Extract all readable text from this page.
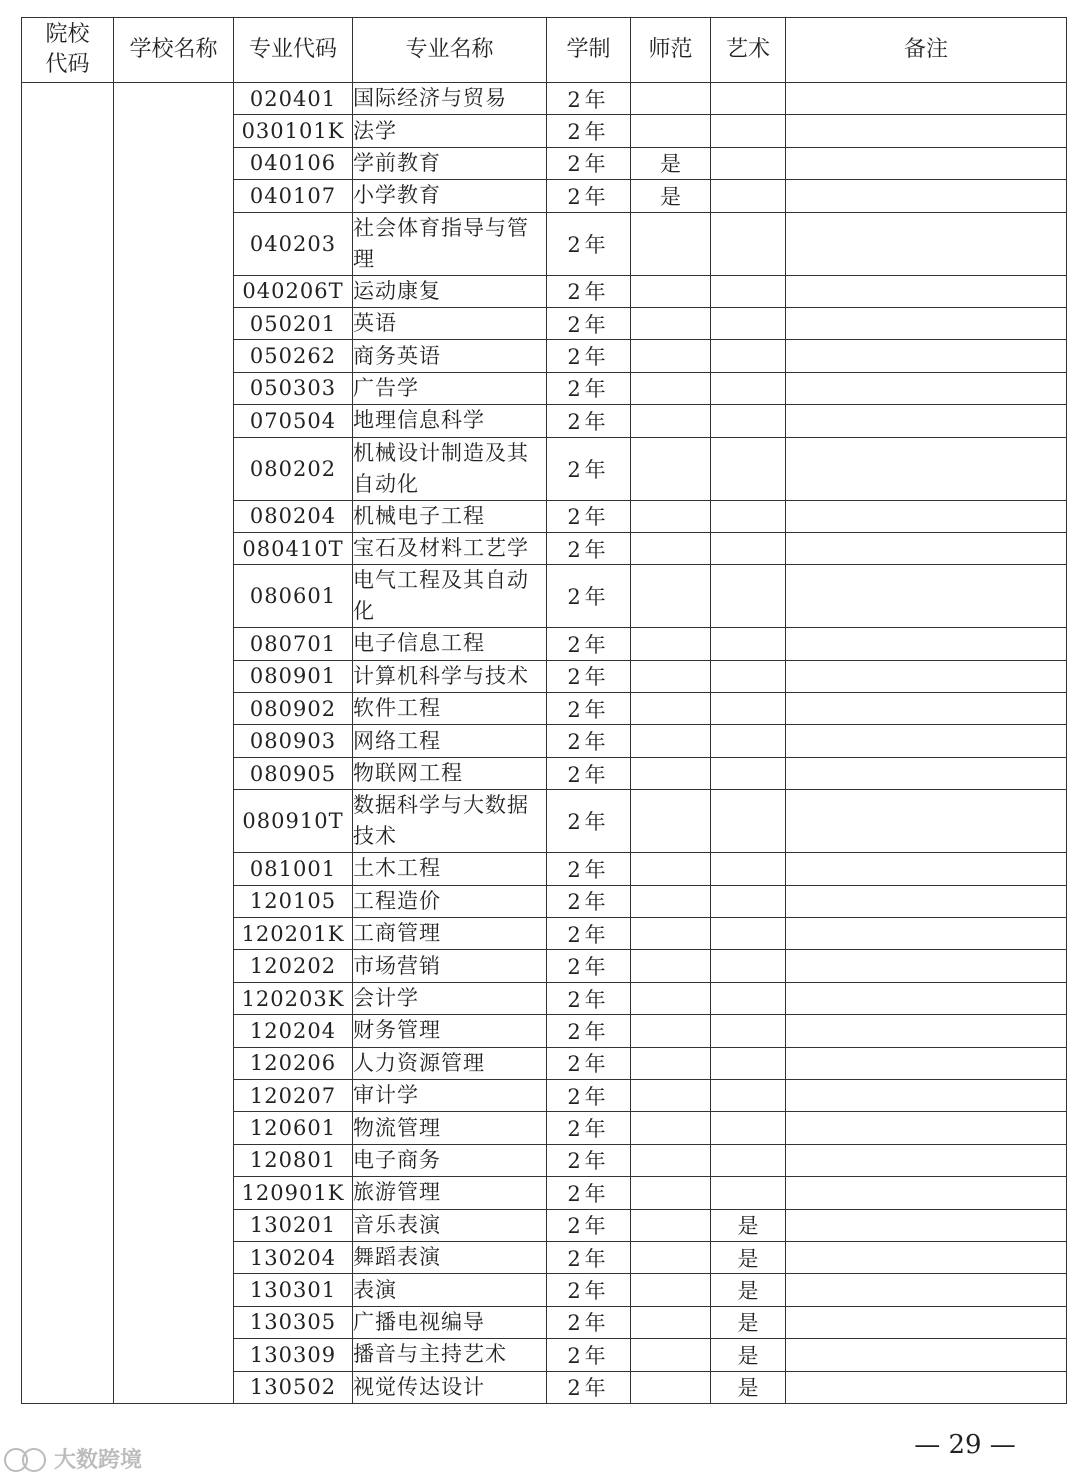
院校
代码	学校名称	专业代码	专业名称	学制	师范	艺术	备注
		020401	国际经济与贸易	2年			
		030101K	法学	2年			
		040106	学前教育	2年	是		
		040107	小学教育	2年	是		
		040203	社会体育指导与管理	2年			
		040206T	运动康复	2年			
		050201	英语	2年			
		050262	商务英语	2年			
		050303	广告学	2年			
		070504	地理信息科学	2年			
		080202	机械设计制造及其自动化	2年			
		080204	机械电子工程	2年			
		080410T	宝石及材料工艺学	2年			
		080601	电气工程及其自动化	2年			
		080701	电子信息工程	2年			
		080901	计算机科学与技术	2年			
		080902	软件工程	2年			
		080903	网络工程	2年			
		080905	物联网工程	2年			
		080910T	数据科学与大数据技术	2年			
		081001	土木工程	2年			
		120105	工程造价	2年			
		120201K	工商管理	2年			
		120202	市场营销	2年			
		120203K	会计学	2年			
		120204	财务管理	2年			
		120206	人力资源管理	2年			
		120207	审计学	2年			
		120601	物流管理	2年			
		120801	电子商务	2年			
		120901K	旅游管理	2年			
		130201	音乐表演	2年		是	
		130204	舞蹈表演	2年		是	
		130301	表演	2年		是	
		130305	广播电视编导	2年		是	
		130309	播音与主持艺术	2年		是	
		130502	视觉传达设计	2年		是	
— 29 —
大数跨境
